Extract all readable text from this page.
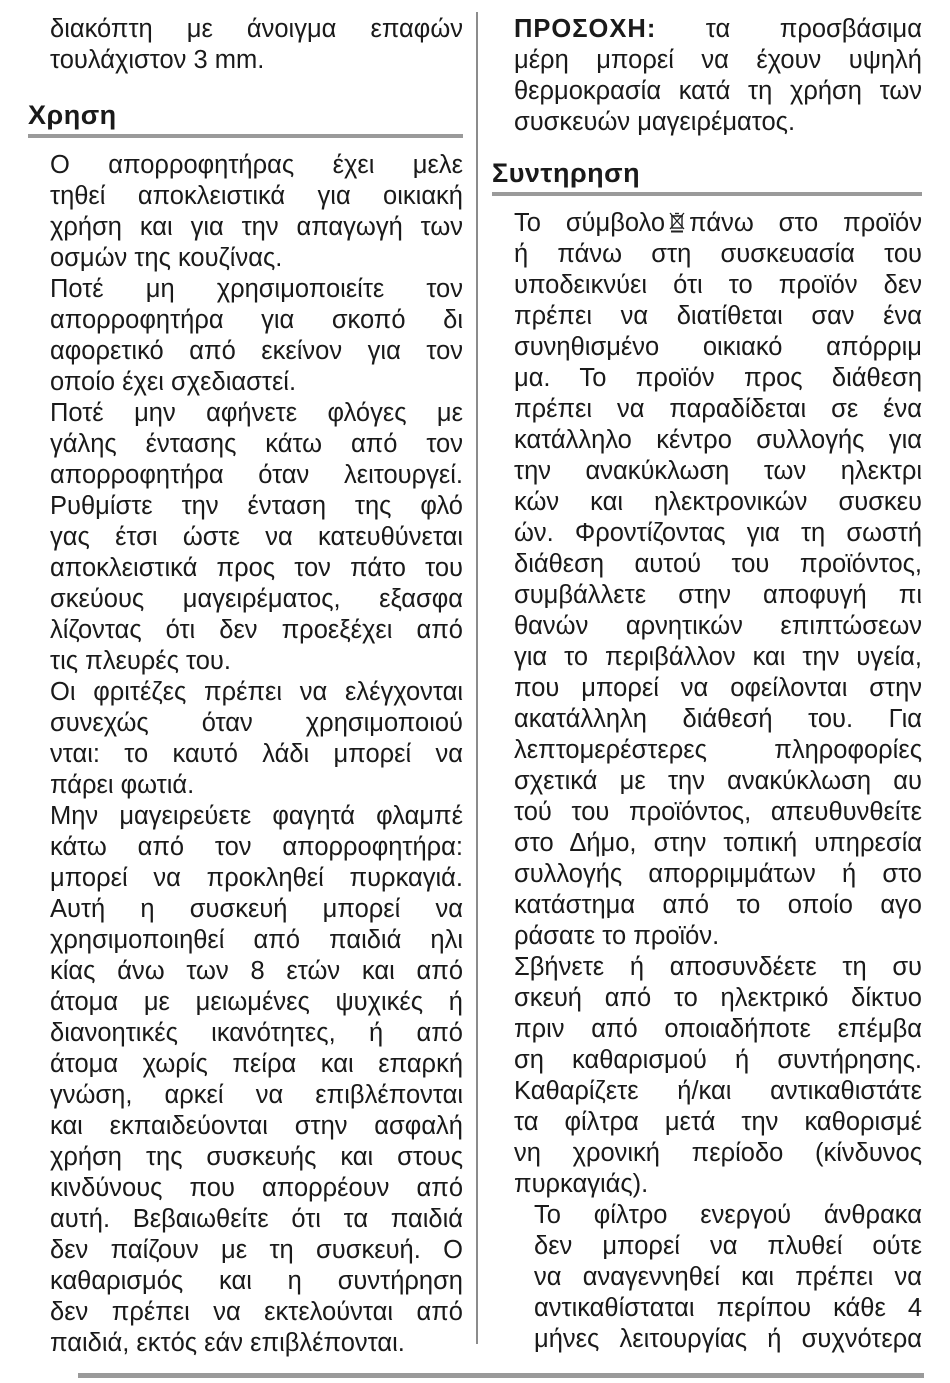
διακόπτη με άνοιγμα επαφών
τουλάχιστον 3 mm.
Χρηση
Ο απορροφητήρας έχει μελε
τηθεί αποκλειστικά για οικιακή
χρήση και για την απαγωγή των
οσμών της κουζίνας.
Ποτέ μη χρησιμοποιείτε τον
απορροφητήρα για σκοπό δι
αφορετικό από εκείνον για τον
οποίο έχει σχεδιαστεί.
Ποτέ μην αφήνετε φλόγες με
γάλης έντασης κάτω από τον
απορροφητήρα όταν λειτουργεί.
Ρυθμίστε την ένταση της φλό
γας έτσι ώστε να κατευθύνεται
αποκλειστικά προς τον πάτο του
σκεύους μαγειρέματος, εξασφα
λίζοντας ότι δεν προεξέχει από
τις πλευρές του.
Οι φριτέζες πρέπει να ελέγχονται
συνεχώς όταν χρησιμοποιού
νται: το καυτό λάδι μπορεί να
πάρει φωτιά.
Μην μαγειρεύετε φαγητά φλαμπέ
κάτω από τον απορροφητήρα:
μπορεί να προκληθεί πυρκαγιά.
Αυτή η συσκευή μπορεί να
χρησιμοποιηθεί από παιδιά ηλι
κίας άνω των 8 ετών και από
άτομα με μειωμένες ψυχικές ή
διανοητικές ικανότητες, ή από
άτομα χωρίς πείρα και επαρκή
γνώση, αρκεί να επιβλέπονται
και εκπαιδεύονται στην ασφαλή
χρήση της συσκευής και στους
κινδύνους που απορρέουν από
αυτή. Βεβαιωθείτε ότι τα παιδιά
δεν παίζουν με τη συσκευή. Ο
καθαρισμός και η συντήρηση
δεν πρέπει να εκτελούνται από
παιδιά, εκτός εάν επιβλέπονται.
ΠΡΟΣΟΧΗ: τα προσβάσιμα
μέρη μπορεί να έχουν υψηλή
θερμοκρασία κατά τη χρήση των
συσκευών μαγειρέματος.
Συντηρηση
Το σύμβολο πάνω στο προϊόν
ή πάνω στη συσκευασία του
υποδεικνύει ότι το προϊόν δεν
πρέπει να διατίθεται σαν ένα
συνηθισμένο οικιακό απόρριμ
μα. Το προϊόν προς διάθεση
πρέπει να παραδίδεται σε ένα
κατάλληλο κέντρο συλλογής για
την ανακύκλωση των ηλεκτρι
κών και ηλεκτρονικών συσκευ
ών. Φροντίζοντας για τη σωστή
διάθεση αυτού του προϊόντος,
συμβάλλετε στην αποφυγή πι
θανών αρνητικών επιπτώσεων
για το περιβάλλον και την υγεία,
που μπορεί να οφείλονται στην
ακατάλληλη διάθεσή του. Για
λεπτομερέστερες πληροφορίες
σχετικά με την ανακύκλωση αυ
τού του προϊόντος, απευθυνθείτε
στο Δήμο, στην τοπική υπηρεσία
συλλογής απορριμμάτων ή στο
κατάστημα από το οποίο αγο
ράσατε το προϊόν.
Σβήνετε ή αποσυνδέετε τη συ
σκευή από το ηλεκτρικό δίκτυο
πριν από οποιαδήποτε επέμβα
ση καθαρισμού ή συντήρησης.
Καθαρίζετε ή/και αντικαθιστάτε
τα φίλτρα μετά την καθορισμέ
νη χρονική περίοδο (κίνδυνος
πυρκαγιάς).
Το φίλτρο ενεργού άνθρακα
δεν μπορεί να πλυθεί ούτε
να αναγεννηθεί και πρέπει να
αντικαθίσταται περίπου κάθε 4
μήνες λειτουργίας ή συχνότερα
